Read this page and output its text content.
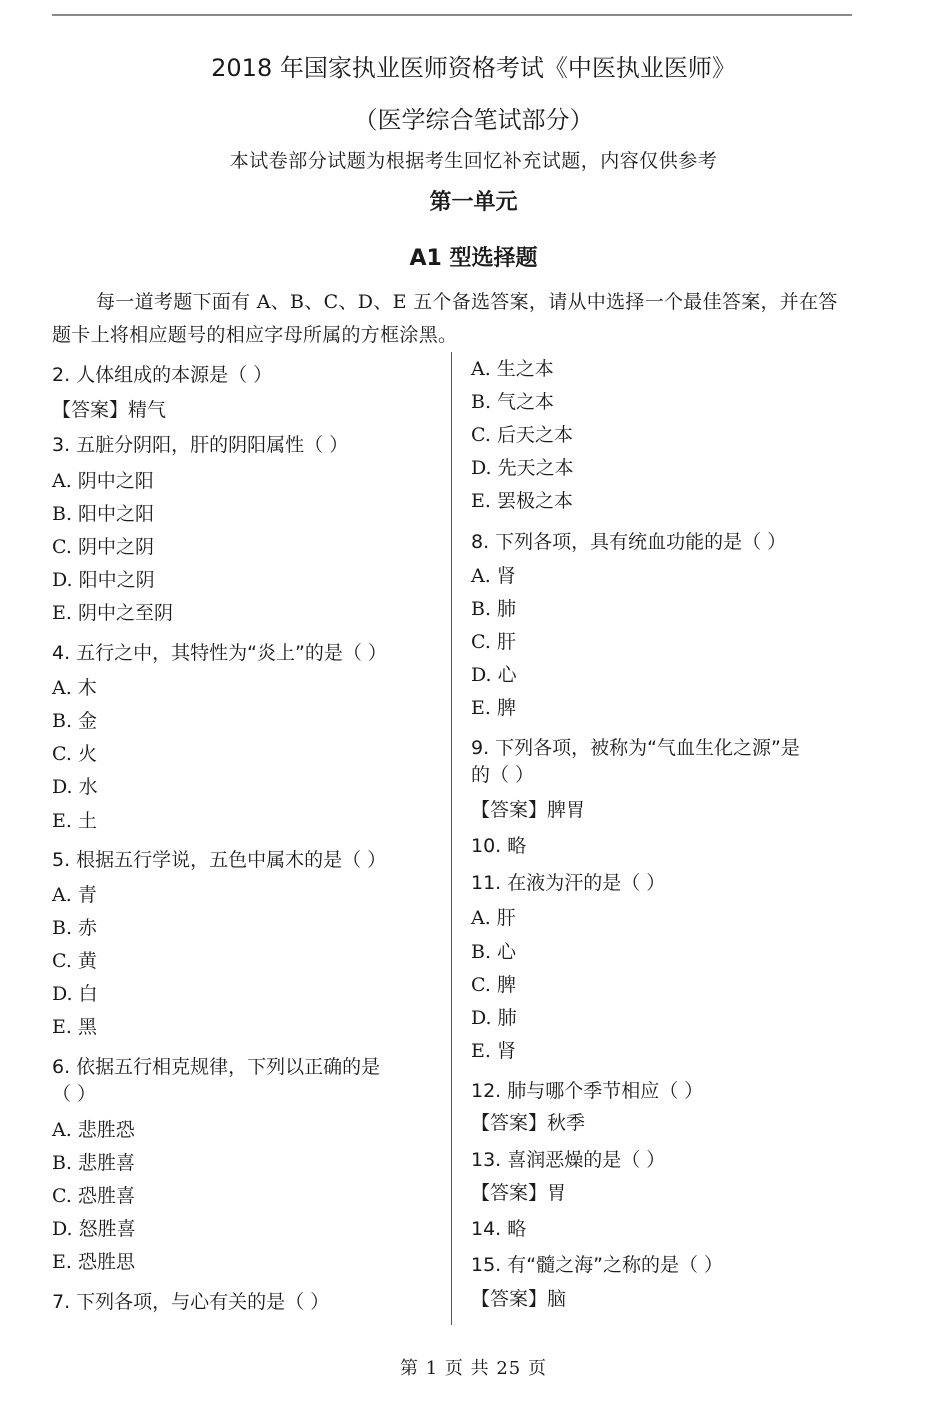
2018 年国家执业医师资格考试《中医执业医师》
（医学综合笔试部分）
本试卷部分试题为根据考生回忆补充试题，内容仅供参考
第一单元
A1 型选择题
每一道考题下面有 A、B、C、D、E 五个备选答案，请从中选择一个最佳答案，并在答题卡上将相应题号的相应字母所属的方框涂黑。
2. 人体组成的本源是（ ）
【答案】精气
3. 五脏分阴阳，肝的阴阳属性（ ）
A. 阴中之阳
B. 阳中之阳
C. 阴中之阴
D. 阳中之阴
E. 阴中之至阴
4. 五行之中，其特性为“炎上”的是（ ）
A. 木
B. 金
C. 火
D. 水
E. 土
5. 根据五行学说，五色中属木的是（ ）
A. 青
B. 赤
C. 黄
D. 白
E. 黑
6. 依据五行相克规律，下列以正确的是
（ ）
A. 悲胜恐
B. 悲胜喜
C. 恐胜喜
D. 怒胜喜
E. 恐胜思
7. 下列各项，与心有关的是（ ）
A. 生之本
B. 气之本
C. 后天之本
D. 先天之本
E. 罢极之本
8. 下列各项，具有统血功能的是（ ）
A. 肾
B. 肺
C. 肝
D. 心
E. 脾
9. 下列各项，被称为“气血生化之源”是
的（ ）
【答案】脾胃
10. 略
11. 在液为汗的是（ ）
A. 肝
B. 心
C. 脾
D. 肺
E. 肾
12. 肺与哪个季节相应（ ）
【答案】秋季
13. 喜润恶燥的是（ ）
【答案】胃
14. 略
15. 有“髓之海”之称的是（ ）
【答案】脑
第 1 页 共 25 页
